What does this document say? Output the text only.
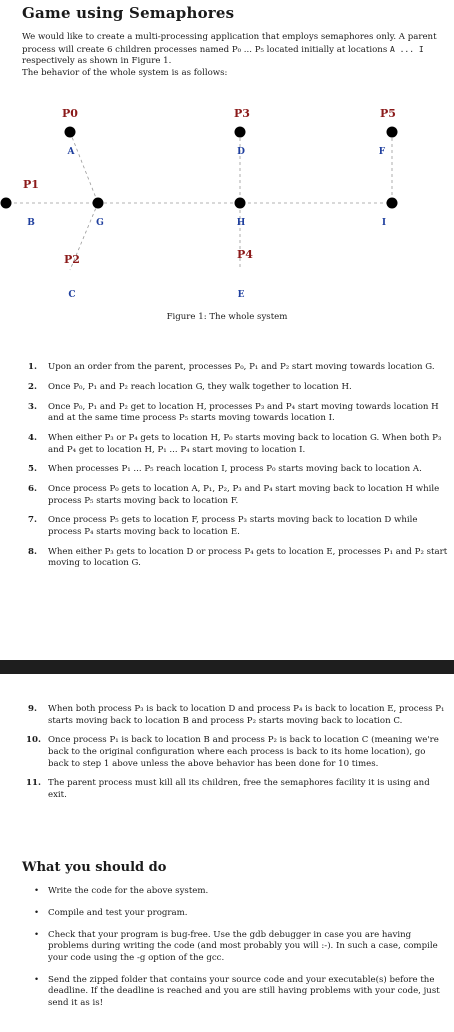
Game using Semaphores

We would like to create a multi-processing application that employs semaphores only. A parent process will create 6 children processes named P₀ ... P₅ located initially at locations A ... I respectively as shown in Figure 1.

The behavior of the whole system is as follows:

P0
P1
P2
P3
P4
P5
A
B
C
D
E
F
G	H	I
Figure 1: The whole system
1. Upon an order from the parent, processes P₀, P₁ and P₂ start moving towards location G.
2. Once P₀, P₁ and P₂ reach location G, they walk together to location H.
3. Once P₀, P₁ and P₂ get to location H, processes P₃ and P₄ start moving towards location H and at the same time process P₅ starts moving towards location I.
4. When either P₃ or P₄ gets to location H, P₀ starts moving back to location G. When both P₃ and P₄ get to location H, P₁ ... P₄ start moving to location I.
5. When processes P₁ ... P₅ reach location I, process P₀ starts moving back to location A.
6. Once process P₀ gets to location A, P₁, P₂, P₃ and P₄ start moving back to location H while process P₅ starts moving back to location F.
7. Once process P₅ gets to location F, process P₃ starts moving back to location D while process P₄ starts moving back to location E.
8. When either P₃ gets to location D or process P₄ gets to location E, processes P₁ and P₂ start moving to location G.
9. When both process P₃ is back to location D and process P₄ is back to location E, process P₁ starts moving back to location B and process P₂ starts moving back to location C.
10. Once process P₁ is back to location B and process P₂ is back to location C (meaning we're back to the original configuration where each process is back to its home location), go back to step 1 above unless the above behavior has been done for 10 times.
11. The parent process must kill all its children, free the semaphores facility it is using and exit.
What you should do
• Write the code for the above system.
• Compile and test your program.
• Check that your program is bug-free. Use the gdb debugger in case you are having problems during writing the code (and most probably you will :-). In such a case, compile your code using the -g option of the gcc.
• Send the zipped folder that contains your source code and your executable(s) before the deadline. If the deadline is reached and you are still having problems with your code, just send it as is!
